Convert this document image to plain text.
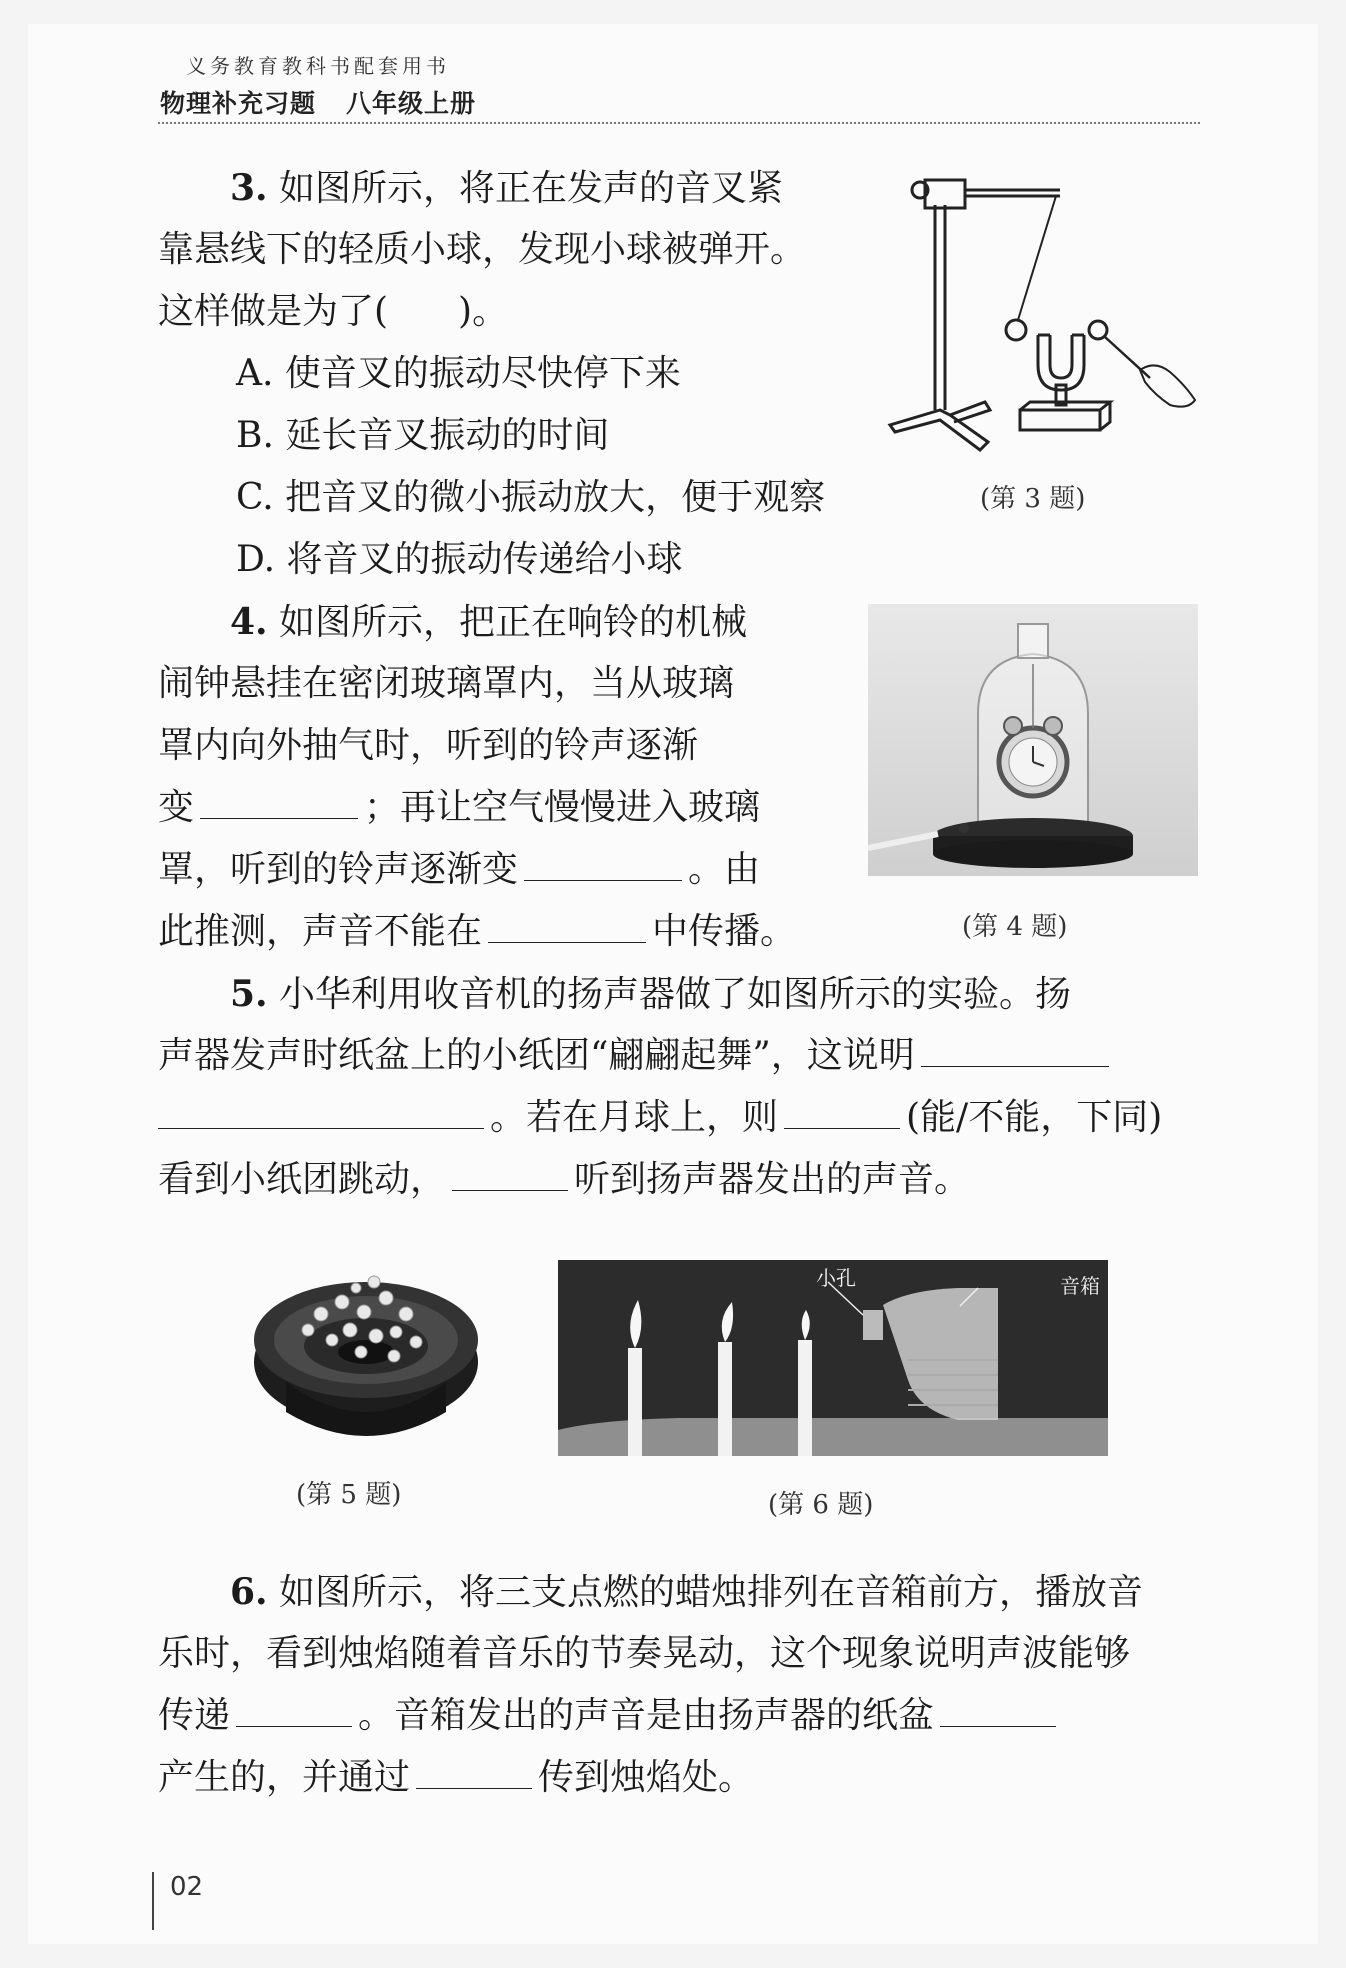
义务教育教科书配套用书
物理补充习题 八年级上册
3. 如图所示，将正在发声的音叉紧
靠悬线下的轻质小球，发现小球被弹开。
这样做是为了( )。
A. 使音叉的振动尽快停下来
B. 延长音叉振动的时间
C. 把音叉的微小振动放大，便于观察
D. 将音叉的振动传递给小球
(第 3 题)
4. 如图所示，把正在响铃的机械
闹钟悬挂在密闭玻璃罩内，当从玻璃
罩内向外抽气时，听到的铃声逐渐
变	；再让空气慢慢进入玻璃
罩，听到的铃声逐渐变	。由
此推测，声音不能在	中传播。	(第 4 题)
5. 小华利用收音机的扬声器做了如图所示的实验。扬
声器发声时纸盆上的小纸团“翩翩起舞”，这说明
。若在月球上，则	(能/不能，下同)
看到小纸团跳动，	听到扬声器发出的声音。
(第 5 题)
小孔	音箱
(第 6 题)
6. 如图所示，将三支点燃的蜡烛排列在音箱前方，播放音
乐时，看到烛焰随着音乐的节奏晃动，这个现象说明声波能够
传递	。音箱发出的声音是由扬声器的纸盆
产生的，并通过	传到烛焰处。
02
